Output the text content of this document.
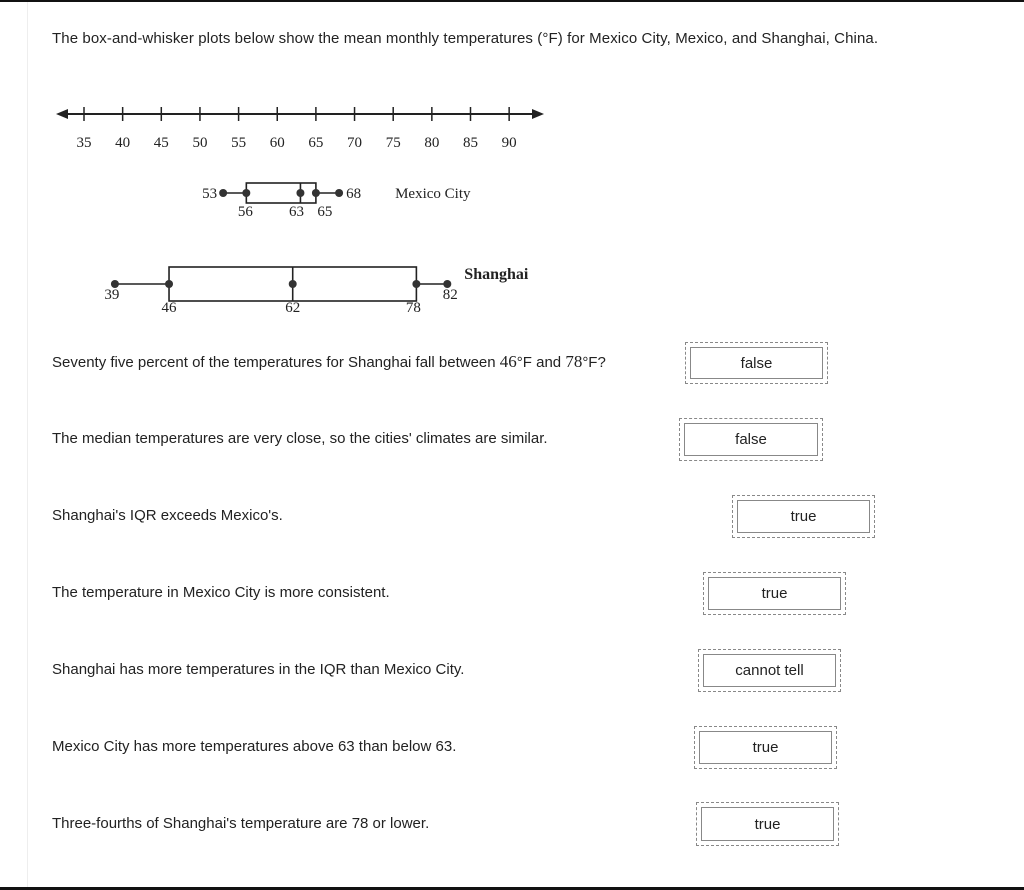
The box-and-whisker plots below show the mean monthly temperatures (°F) for Mexico City, Mexico, and Shanghai, China.
35 40 45 50 55 60 65 70 75 80 85 90
53
56 63 65
68 Mexico City
39
46	62	78
82
Shanghai
Seventy five percent of the temperatures for Shanghai fall between 46°F and 78°F?	false
The median temperatures are very close, so the cities' climates are similar.	false
Shanghai's IQR exceeds Mexico's.	true
The temperature in Mexico City is more consistent.	true
Shanghai has more temperatures in the IQR than Mexico City.	cannot tell
Mexico City has more temperatures above 63 than below 63.	true
Three-fourths of Shanghai's temperature are 78 or lower.	true
